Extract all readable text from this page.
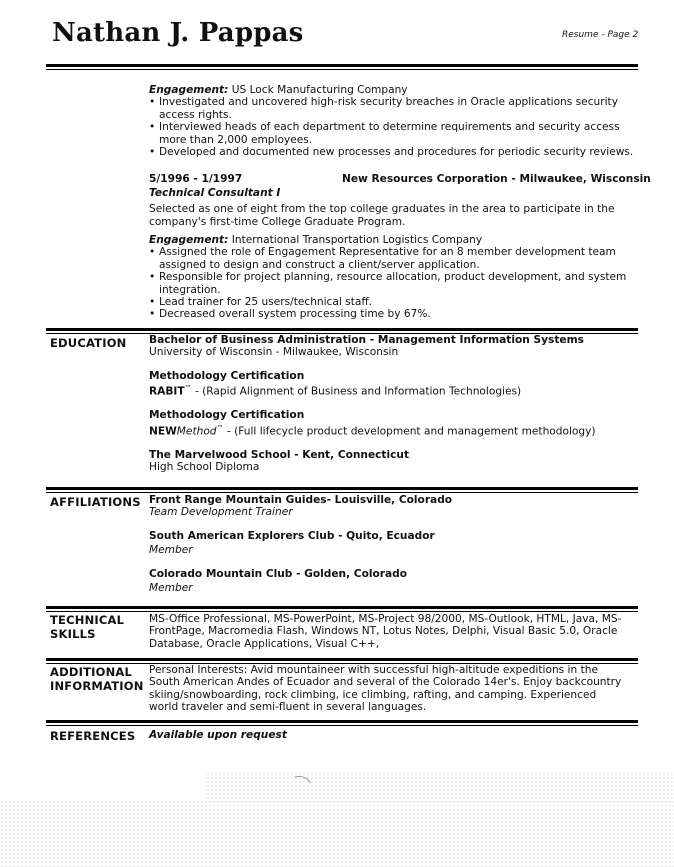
Nathan J. Pappas	Resume - Page 2
Engagement: US Lock Manufacturing Company
• Investigated and uncovered high-risk security breaches in Oracle applications security access rights.
• Interviewed heads of each department to determine requirements and security access more than 2,000 employees.
• Developed and documented new processes and procedures for periodic security reviews.
5/1996 - 1/1997	New Resources Corporation - Milwaukee, Wisconsin
Technical Consultant I
Selected as one of eight from the top college graduates in the area to participate in the company's first-time College Graduate Program.
Engagement: International Transportation Logistics Company
• Assigned the role of Engagement Representative for an 8 member development team assigned to design and construct a client/server application.
• Responsible for project planning, resource allocation, product development, and system integration.
• Lead trainer for 25 users/technical staff.
• Decreased overall system processing time by 67%.
EDUCATION Bachelor of Business Administration - Management Information Systems
University of Wisconsin - Milwaukee, Wisconsin
Methodology Certification
RABIT™ - (Rapid Alignment of Business and Information Technologies)
Methodology Certification
NEWMethod™ - (Full lifecycle product development and management methodology)
The Marvelwood School - Kent, Connecticut
High School Diploma
AFFILIATIONS Front Range Mountain Guides- Louisville, Colorado
Team Development Trainer
South American Explorers Club - Quito, Ecuador
Member
Colorado Mountain Club - Golden, Colorado
Member
TECHNICAL
SKILLS
MS-Office Professional, MS-PowerPoint, MS-Project 98/2000, MS-Outlook, HTML, Java, MS-FrontPage, Macromedia Flash, Windows NT, Lotus Notes, Delphi, Visual Basic 5.0, Oracle Database, Oracle Applications, Visual C++,
ADDITIONAL
INFORMATION
Personal Interests: Avid mountaineer with successful high-altitude expeditions in the South American Andes of Ecuador and several of the Colorado 14er's. Enjoy backcountry skiing/snowboarding, rock climbing, ice climbing, rafting, and camping. Experienced world traveler and semi-fluent in several languages.
REFERENCES Available upon request
